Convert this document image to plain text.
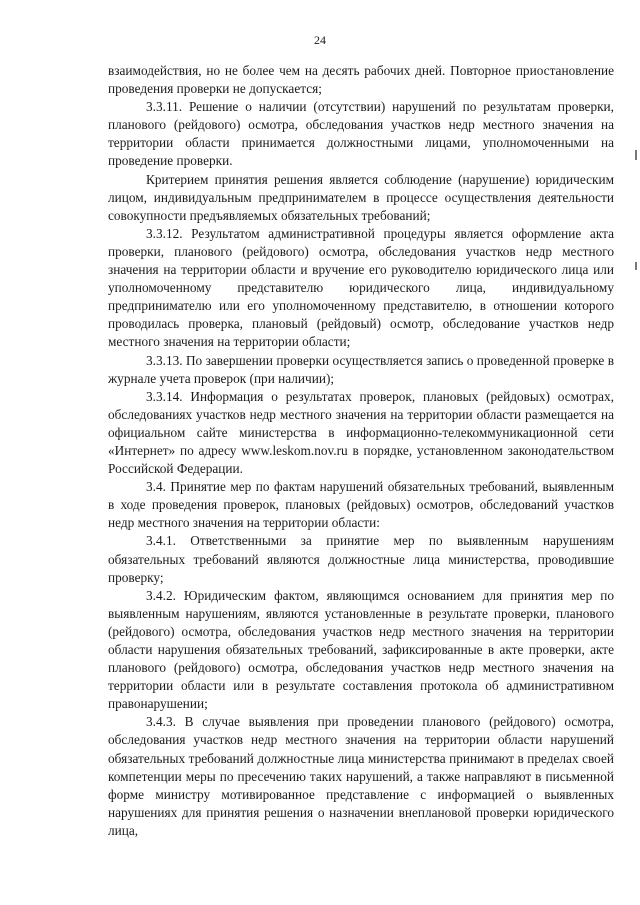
24

взаимодействия, но не более чем на десять рабочих дней. Повторное приостановление проведения проверки не допускается;

3.3.11. Решение о наличии (отсутствии) нарушений по результатам проверки, планового (рейдового) осмотра, обследования участков недр местного значения на территории области принимается должностными лицами, уполномоченными на проведение проверки.

Критерием принятия решения является соблюдение (нарушение) юридическим лицом, индивидуальным предпринимателем в процессе осуществления деятельности совокупности предъявляемых обязательных требований;

3.3.12. Результатом административной процедуры является оформление акта проверки, планового (рейдового) осмотра, обследования участков недр местного значения на территории области и вручение его руководителю юридического лица или уполномоченному представителю юридического лица, индивидуальному предпринимателю или его уполномоченному представителю, в отношении которого проводилась проверка, плановый (рейдовый) осмотр, обследование участков недр местного значения на территории области;

3.3.13. По завершении проверки осуществляется запись о проведенной проверке в журнале учета проверок (при наличии);

3.3.14. Информация о результатах проверок, плановых (рейдовых) осмотрах, обследованиях участков недр местного значения на территории области размещается на официальном сайте министерства в информационно-телекоммуникационной сети «Интернет» по адресу www.leskom.nov.ru в порядке, установленном законодательством Российской Федерации.

3.4. Принятие мер по фактам нарушений обязательных требований, выявленным в ходе проведения проверок, плановых (рейдовых) осмотров, обследований участков недр местного значения на территории области:

3.4.1. Ответственными за принятие мер по выявленным нарушениям обязательных требований являются должностные лица министерства, проводившие проверку;

3.4.2. Юридическим фактом, являющимся основанием для принятия мер по выявленным нарушениям, являются установленные в результате проверки, планового (рейдового) осмотра, обследования участков недр местного значения на территории области нарушения обязательных требований, зафиксированные в акте проверки, акте планового (рейдового) осмотра, обследования участков недр местного значения на территории области или в результате составления протокола об административном правонарушении;

3.4.3. В случае выявления при проведении планового (рейдового) осмотра, обследования участков недр местного значения на территории области нарушений обязательных требований должностные лица министерства принимают в пределах своей компетенции меры по пресечению таких нарушений, а также направляют в письменной форме министру мотивированное представление с информацией о выявленных нарушениях для принятия решения о назначении внеплановой проверки юридического лица,
